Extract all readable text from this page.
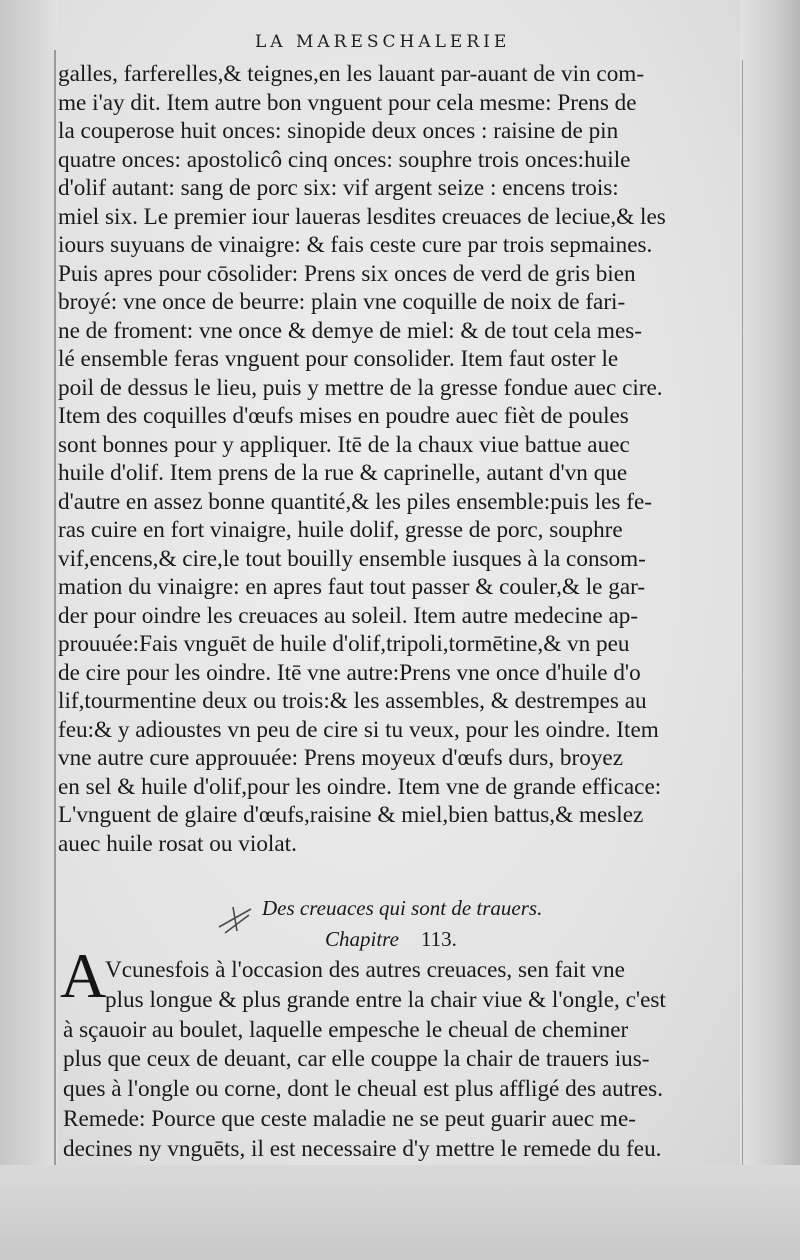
LA MARESCHALERIE
galles, farferelles,& teignes,en les lauant par-auant de vin com-
me i'ay dit. Item autre bon vnguent pour cela mesme: Prens de
la couperose huit onces: sinopide deux onces : raisine de pin
quatre onces: apostolicô cinq onces: souphre trois onces:huile
d'olif autant: sang de porc six: vif argent seize : encens trois:
miel six. Le premier iour laueras lesdites creuaces de leciue,& les
iours suyuans de vinaigre: & fais ceste cure par trois sepmaines.
Puis apres pour cōsolider: Prens six onces de verd de gris bien
broyé: vne once de beurre: plain vne coquille de noix de fari-
ne de froment: vne once & demye de miel: & de tout cela mes-
lé ensemble feras vnguent pour consolider. Item faut oster le
poil de dessus le lieu, puis y mettre de la gresse fondue auec cire.
Item des coquilles d'œufs mises en poudre auec fièt de poules
sont bonnes pour y appliquer. Itē de la chaux viue battue auec
huile d'olif. Item prens de la rue & caprinelle, autant d'vn que
d'autre en assez bonne quantité,& les piles ensemble:puis les fe-
ras cuire en fort vinaigre, huile dolif, gresse de porc, souphre
vif,encens,& cire,le tout bouilly ensemble iusques à la consom-
mation du vinaigre: en apres faut tout passer & couler,& le gar-
der pour oindre les creuaces au soleil. Item autre medecine ap-
prouuée:Fais vnguēt de huile d'olif,tripoli,tormētine,& vn peu
de cire pour les oindre. Itē vne autre:Prens vne once d'huile d'o
lif,tourmentine deux ou trois:& les assembles, & destrempes au
feu:& y adioustes vn peu de cire si tu veux, pour les oindre. Item
vne autre cure approuuée: Prens moyeux d'œufs durs, broyez
en sel & huile d'olif,pour les oindre. Item vne de grande efficace:
L'vnguent de glaire d'œufs,raisine & miel,bien battus,& meslez
auec huile rosat ou violat.
Des creuaces qui sont de trauers.
Chapitre 113.
A
Vcunesfois à l'occasion des autres creuaces, sen fait vne
plus longue & plus grande entre la chair viue & l'ongle, c'est
à sçauoir au boulet, laquelle empesche le cheual de cheminer
plus que ceux de deuant, car elle couppe la chair de trauers ius-
ques à l'ongle ou corne, dont le cheual est plus affligé des autres.
Remede: Pource que ceste maladie ne se peut guarir auec me-
decines ny vnguēts, il est necessaire d'y mettre le remede du feu.
